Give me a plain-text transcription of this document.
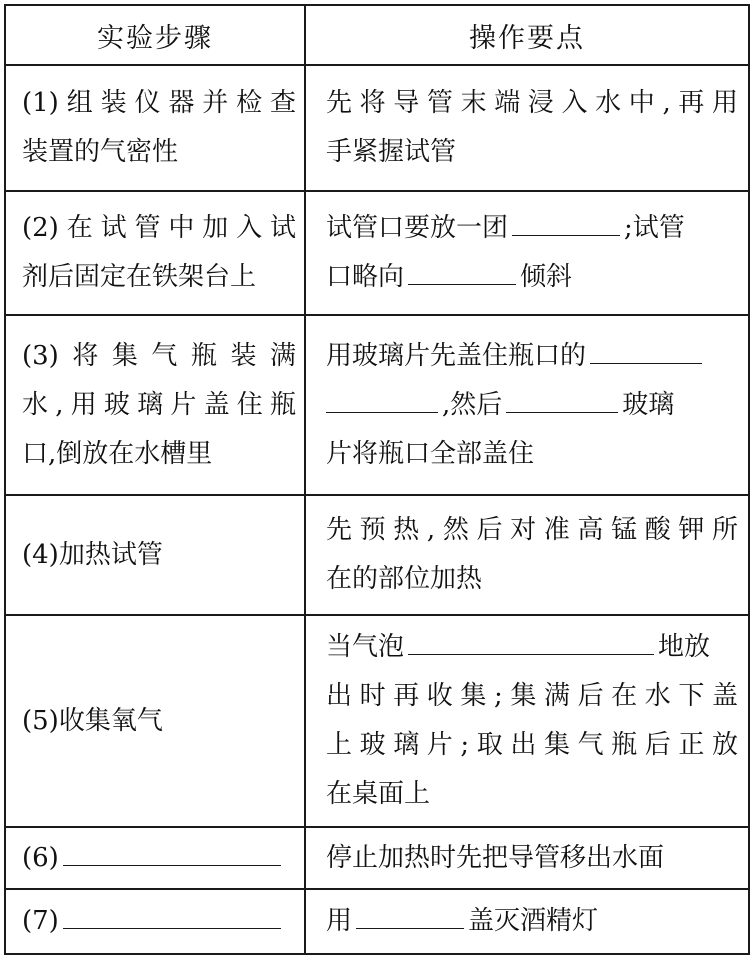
实验步骤	操作要点

(1)组装仪器并检查
装置的气密性	先将导管末端浸入水中,再用
手紧握试管

(2)在试管中加入试
剂后固定在铁架台上	试管口要放一团 ;试管
口略向 倾斜

(3)将集气瓶装满
水,用玻璃片盖住瓶
口,倒放在水槽里	用玻璃片先盖住瓶口的
,然后 玻璃
片将瓶口全部盖住

(4)加热试管	先预热,然后对准高锰酸钾所
在的部位加热

(5)收集氧气	当气泡 地放
出时再收集;集满后在水下盖
上玻璃片;取出集气瓶后正放
在桌面上

(6)	停止加热时先把导管移出水面

(7)	用 盖灭酒精灯
